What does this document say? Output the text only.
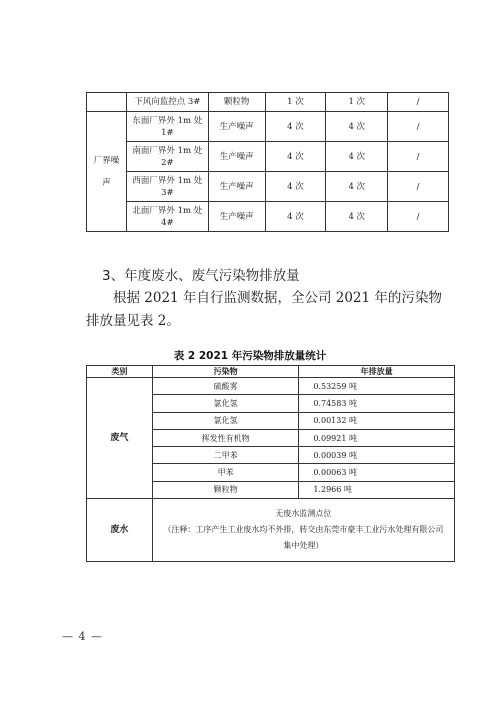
	下风向监控点 3#	颗粒物	1 次	1 次	/
厂界噪声	东面厂界外 1m 处 1#	生产噪声	4 次	4 次	/
	南面厂界外 1m 处 2#	生产噪声	4 次	4 次	/
	西面厂界外 1m 处 3#	生产噪声	4 次	4 次	/
	北面厂界外 1m 处 4#	生产噪声	4 次	4 次	/
3、年度废水、废气污染物排放量

根据 2021 年自行监测数据，全公司 2021 年的污染物排放量见表 2。

表 2 2021 年污染物排放量统计
类别	污染物	年排放量
废气	硫酸雾	0.53259 吨
	氯化氢	0.74583 吨
	氯化氢	0.00132 吨
	挥发性有机物	0.09921 吨
	二甲苯	0.00039 吨
	甲苯	0.00063 吨
	颗粒物	1.2966 吨
废水	无废水监测点位
（注释：工序产生工业废水均不外排，转交由东莞市豪丰工业污水处理有限公司集中处理）	
— 4 —
